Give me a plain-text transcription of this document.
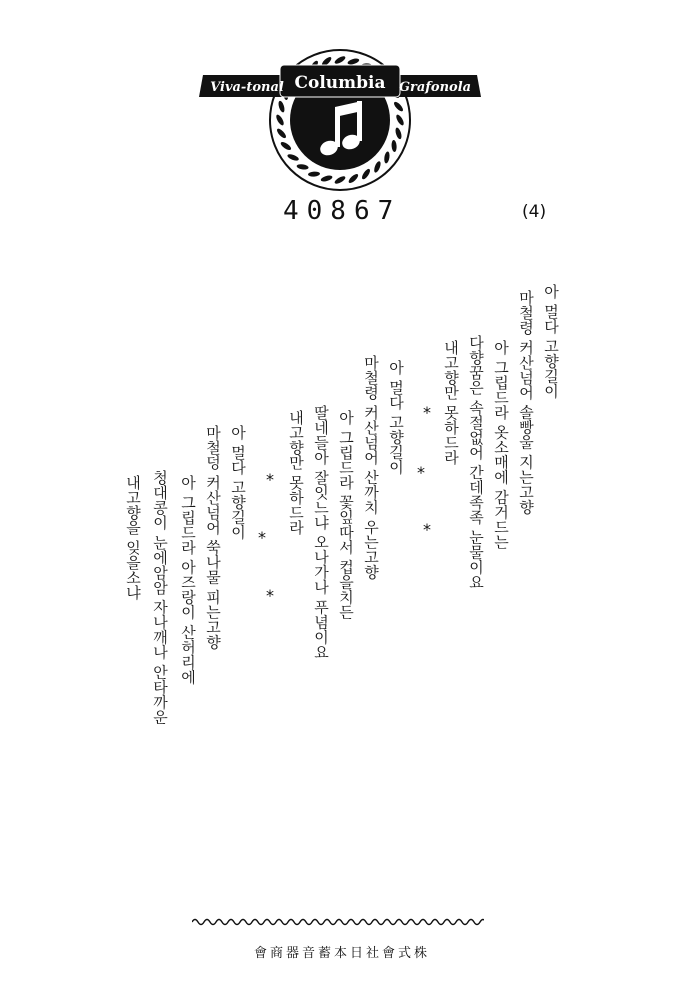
Viva-tonal Columbia Grafonola
40867	(4)
아 멀다 고향길이
마철령 커산넘어 솔빵울 지는고향
아 그립드라 옷소매에 감거드는
다향꿈은 속절없어 간데족족 눈물이요
내고향만 못하드라
*
*
*
아 멀다 고향길이
마철령 커산넘어 산까치 우는고향
아 그립드라 꽃잎따서 컵을치든
딸네들아 잘잇느냐 오나가나 푸념이요
내고향만 못하드라
*
*
*
아 멀다 고향길이
마철덩 커산넘어 쑥나물 피는고향
아 그립드라 아즈랑이 산허리에
청대콩이 눈에암암 자나깨나 안타까운
내고향을 잊을소냐
會商器音蓄本日社會式株
